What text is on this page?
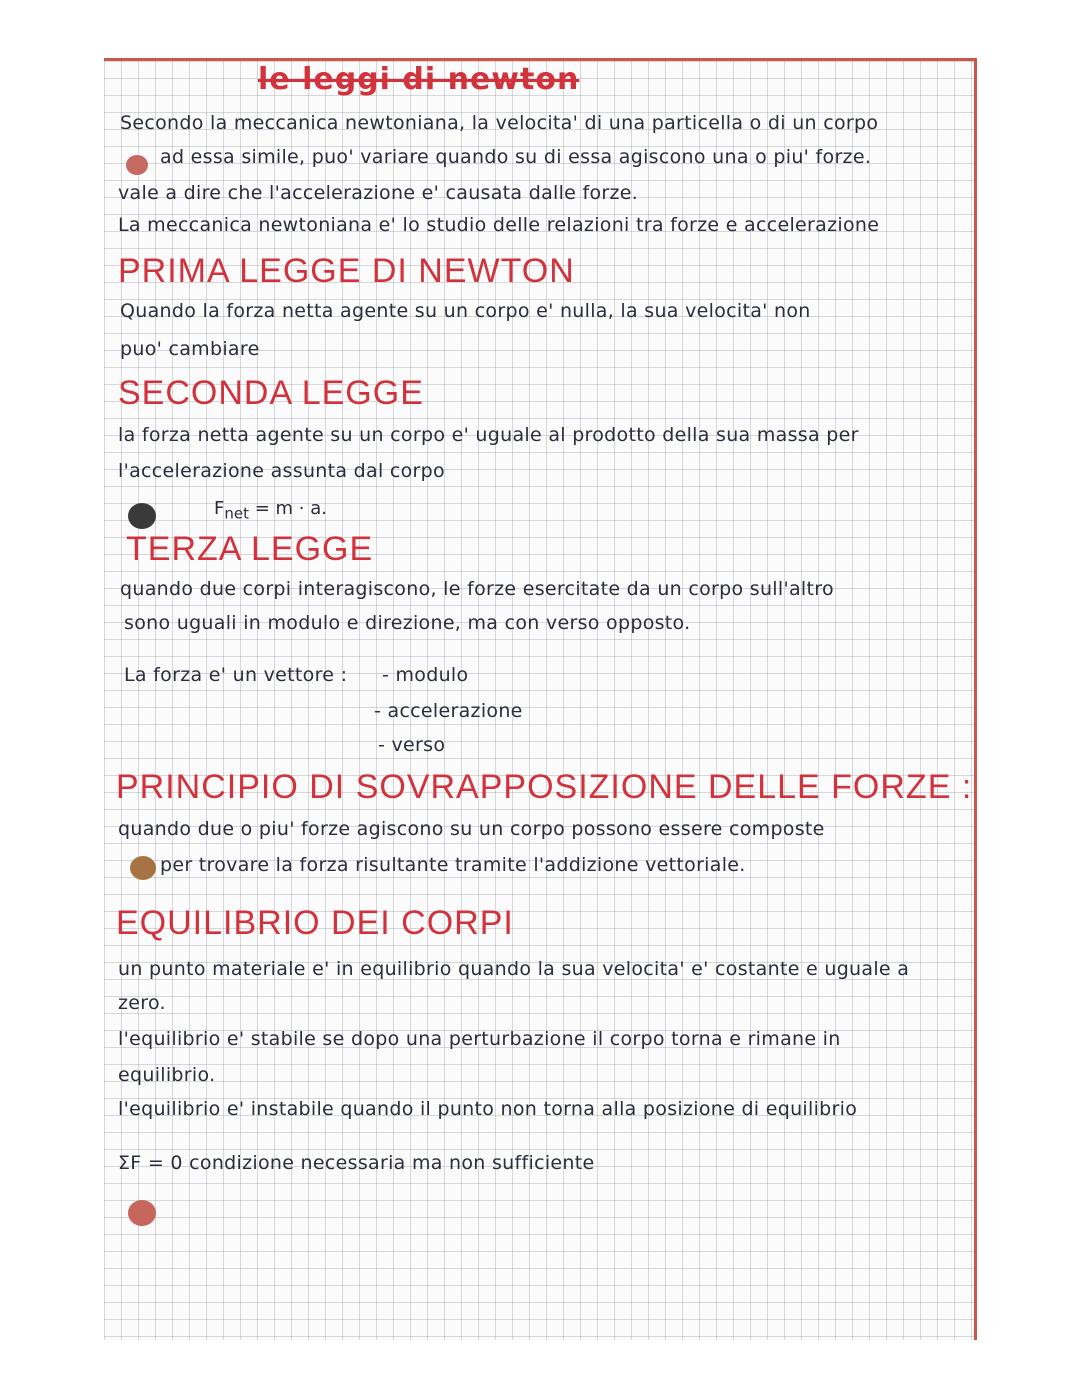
le leggi di newton
Secondo la meccanica newtoniana, la velocita' di una particella o di un corpo
ad essa simile, puo' variare quando su di essa agiscono una o piu' forze.
vale a dire che l'accelerazione e' causata dalle forze.
La meccanica newtoniana e' lo studio delle relazioni tra forze e accelerazione
PRIMA LEGGE DI NEWTON
Quando la forza netta agente su un corpo e' nulla, la sua velocita' non
puo' cambiare
SECONDA LEGGE
la forza netta agente su un corpo e' uguale al prodotto della sua massa per
l'accelerazione assunta dal corpo
$F_{net} = m \cdot a$.
TERZA LEGGE
quando due corpi interagiscono, le forze esercitate da un corpo sull'altro
sono uguali in modulo e direzione, ma con verso opposto.
La forza e' un vettore : - modulo
- accelerazione
- verso
PRINCIPIO DI SOVRAPPOSIZIONE DELLE FORZE :
quando due o piu' forze agiscono su un corpo possono essere composte
per trovare la forza risultante tramite l'addizione vettoriale.
EQUILIBRIO DEI CORPI
un punto materiale e' in equilibrio quando la sua velocita' e' costante e uguale a
zero.
l'equilibrio e' stabile se dopo una perturbazione il corpo torna e rimane in
equilibrio.
l'equilibrio e' instabile quando il punto non torna alla posizione di equilibrio
ΣF = 0 condizione necessaria ma non sufficiente
